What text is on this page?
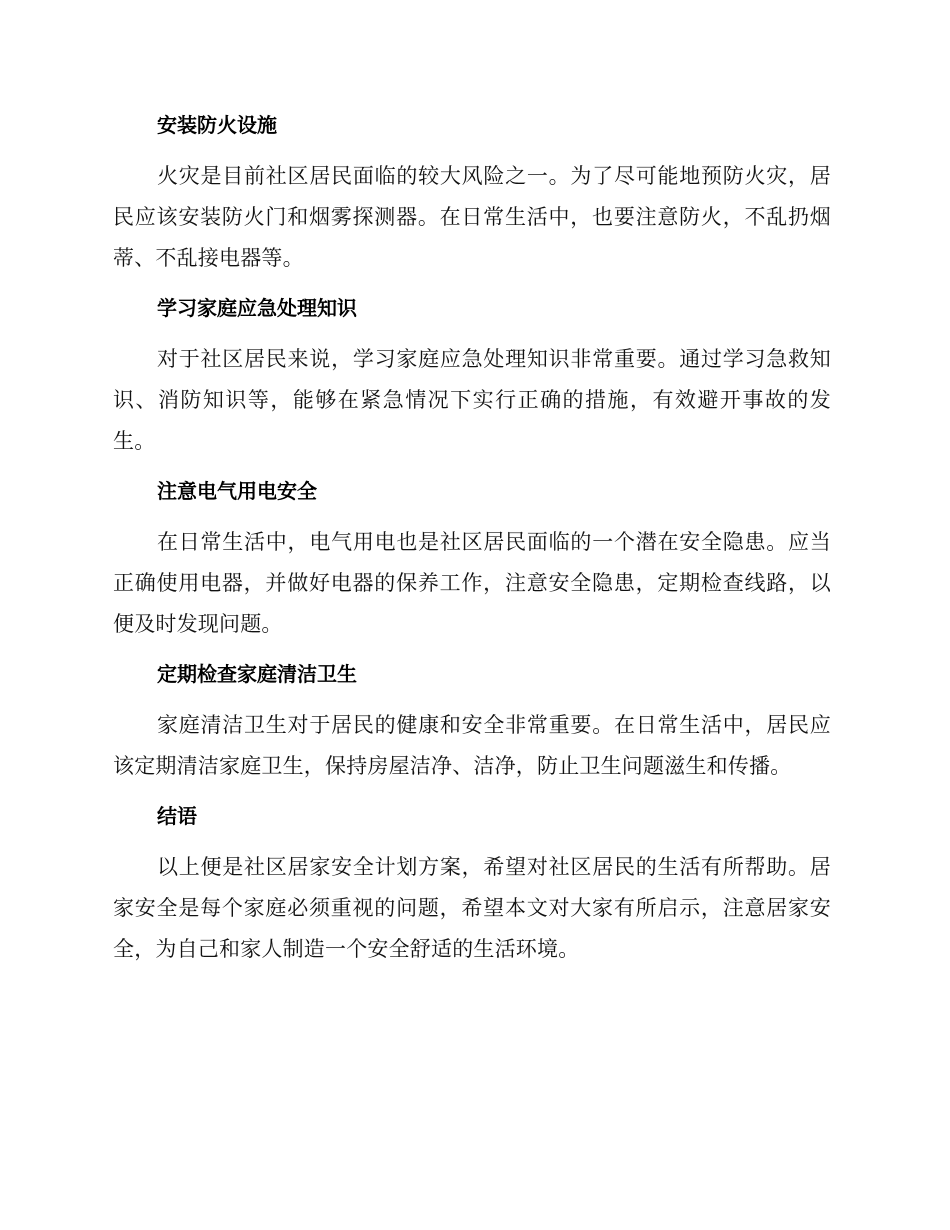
安装防火设施

火灾是目前社区居民面临的较大风险之一。为了尽可能地预防火灾，居民应该安装防火门和烟雾探测器。在日常生活中，也要注意防火，不乱扔烟蒂、不乱接电器等。

学习家庭应急处理知识

对于社区居民来说，学习家庭应急处理知识非常重要。通过学习急救知识、消防知识等，能够在紧急情况下实行正确的措施，有效避开事故的发生。

注意电气用电安全

在日常生活中，电气用电也是社区居民面临的一个潜在安全隐患。应当正确使用电器，并做好电器的保养工作，注意安全隐患，定期检查线路，以便及时发现问题。

定期检查家庭清洁卫生

家庭清洁卫生对于居民的健康和安全非常重要。在日常生活中，居民应该定期清洁家庭卫生，保持房屋洁净、洁净，防止卫生问题滋生和传播。

结语

以上便是社区居家安全计划方案，希望对社区居民的生活有所帮助。居家安全是每个家庭必须重视的问题，希望本文对大家有所启示，注意居家安全，为自己和家人制造一个安全舒适的生活环境。
